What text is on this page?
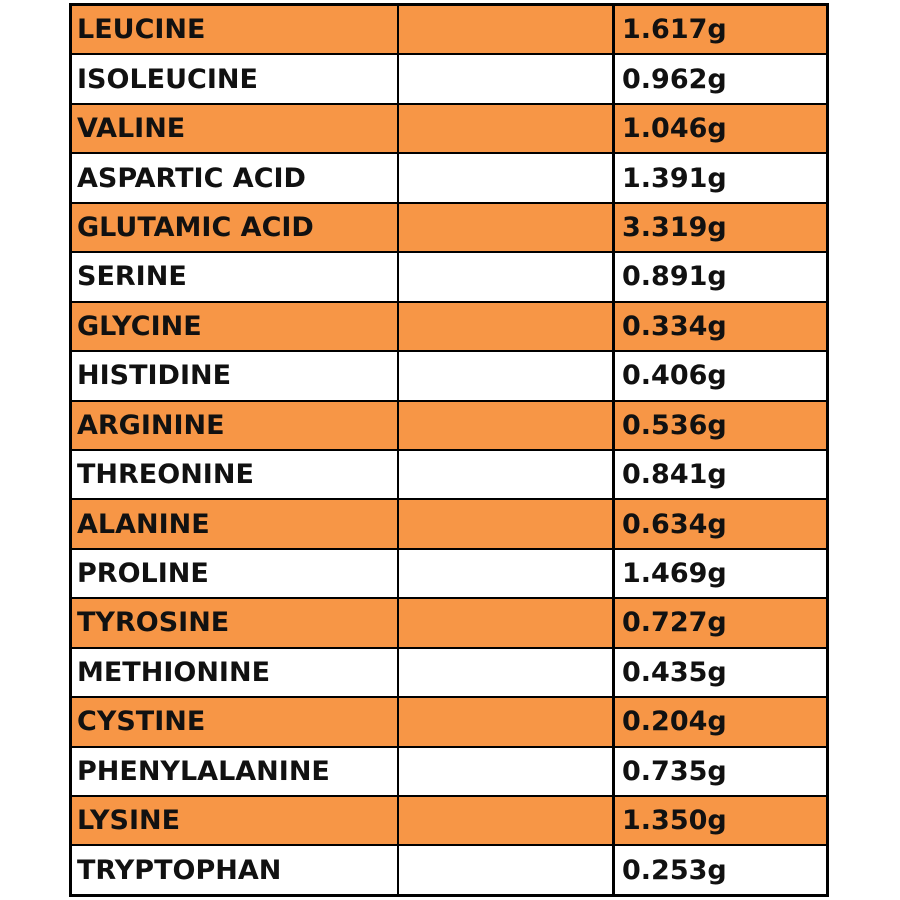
LEUCINE	1.617g
ISOLEUCINE	0.962g
VALINE	1.046g
ASPARTIC ACID	1.391g
GLUTAMIC ACID	3.319g
SERINE	0.891g
GLYCINE	0.334g
HISTIDINE	0.406g
ARGININE	0.536g
THREONINE	0.841g
ALANINE	0.634g
PROLINE	1.469g
TYROSINE	0.727g
METHIONINE	0.435g
CYSTINE	0.204g
PHENYLALANINE	0.735g
LYSINE	1.350g
TRYPTOPHAN	0.253g
